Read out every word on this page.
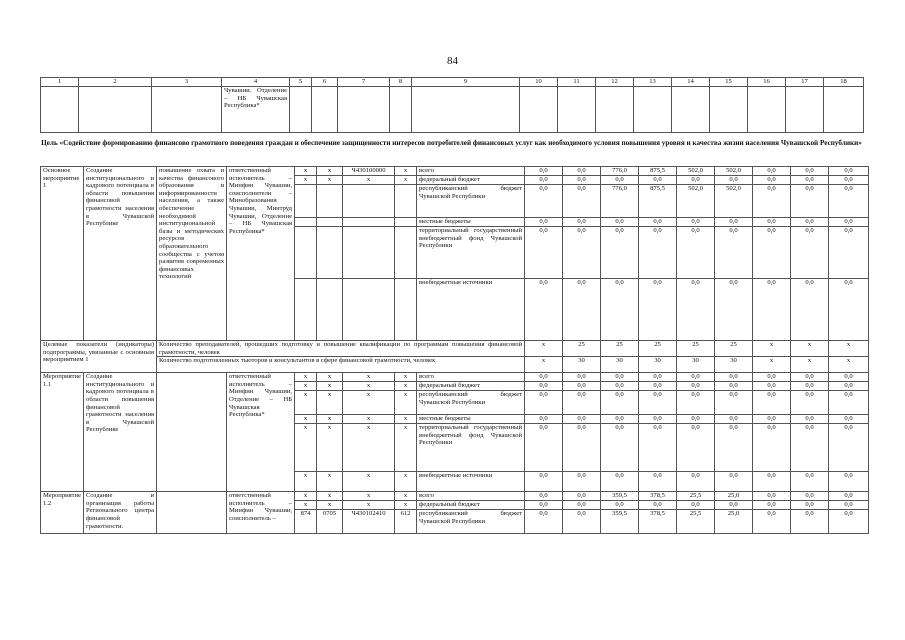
84
1	2	3	4	5	6	7	8	9	10	11	12	13	14	15	16	17	18
			Чувашии. Отделение – НБ Чувашская Республика*														
Цель «Содействие формированию финансово грамотного поведения граждан и обеспечение защищенности интересов потребителей финансовых услуг как необходимого условия повышения уровня и качества жизни населения Чувашской Республики»
Основное мероприятие 1	Создание институционального и кадрового потенциала в области повышения финансовой грамотности населения в Чувашской Республике	повышение охвата и качества финансового образования и информированности населения, а также обеспечение необходимой институциональной базы и методических ресурсов образовательного сообщества с учетом развития современных финансовых технологий	ответственный исполнитель – Минфин Чувашии, соисполнители – Минобразования Чувашии, Минтруд Чувашии, Отделение – НБ Чувашская Республика*	x	x	Ч430100000	x	всего	0,0	0,0	776,0	875,5	502,0	502,0	0,0	0,0	0,0
				x	x	x	x	федеральный бюджет	0,0	0,0	0,0	0,0	0,0	0,0	0,0	0,0	0,0
								республиканский бюджет Чувашской Республики	0,0	0,0	776,0	875,5	502,0	502,0	0,0	0,0	0,0
								местные бюджеты	0,0	0,0	0,0	0,0	0,0	0,0	0,0	0,0	0,0
								территориальный государственный внебюджетный фонд Чувашской Республики	0,0	0,0	0,0	0,0	0,0	0,0	0,0	0,0	0,0
								внебюджетные источники	0,0	0,0	0,0	0,0	0,0	0,0	0,0	0,0	0,0
Целевые показатели (индикаторы) подпрограммы, увязанные с основным мероприятием 1		Количество преподавателей, прошедших подготовку и повышение квалификации по программам повышения финансовой грамотности, человек							x	25	25	25	25	25	x	x	x
		Количество подготовленных тьюторов и консультантов в сфере финансовой грамотности, человек							x	30	30	30	30	30	x	x	x
Мероприятие 1.1	Создание институционального и кадрового потенциала в области повышения финансовой грамотности населения в Чувашской Республике		ответственный исполнитель – Минфин Чувашии, Отделение – НБ Чувашская Республика*	x	x	x	x	всего	0,0	0,0	0,0	0,0	0,0	0,0	0,0	0,0	0,0
				x	x	x	x	федеральный бюджет	0,0	0,0	0,0	0,0	0,0	0,0	0,0	0,0	0,0
				x	x	x	x	республиканский бюджет Чувашской Республики	0,0	0,0	0,0	0,0	0,0	0,0	0,0	0,0	0,0
				x	x	x	x	местные бюджеты	0,0	0,0	0,0	0,0	0,0	0,0	0,0	0,0	0,0
				x	x	x	x	территориальный государственный внебюджетный фонд Чувашской Республики	0,0	0,0	0,0	0,0	0,0	0,0	0,0	0,0	0,0
				x	x	x	x	внебюджетные источники	0,0	0,0	0,0	0,0	0,0	0,0	0,0	0,0	0,0
Мероприятие 1.2	Создание и организация работы Регионального центра финансовой грамотности.		ответственный исполнитель – Минфин Чувашии, соисполнитель –	x	x	x	x	всего	0,0	0,0	359,5	378,5	25,5	25,0	0,0	0,0	0,0
				x	x	x	x	федеральный бюджет	0,0	0,0	0,0	0,0	0,0	0,0	0,0	0,0	0,0
				874	0705	Ч430102410	612	республиканский бюджет Чувашской Республики	0,0	0,0	359,5	378,5	25,5	25,0	0,0	0,0	0,0
